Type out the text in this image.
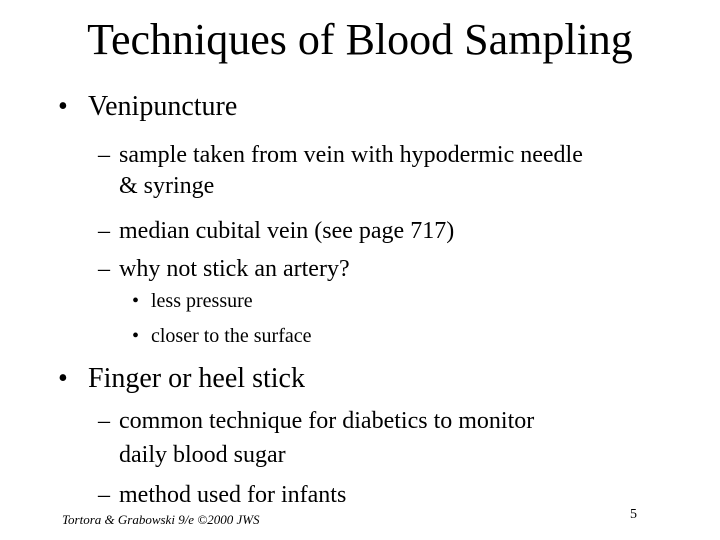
Techniques of Blood Sampling
• Venipuncture
– sample taken from vein with hypodermic needle
& syringe
– median cubital vein (see page 717)
– why not stick an artery?
• less pressure
• closer to the surface
• Finger or heel stick
– common technique for diabetics to monitor
daily blood sugar
– method used for infants
Tortora & Grabowski 9/e ©2000 JWS	5
